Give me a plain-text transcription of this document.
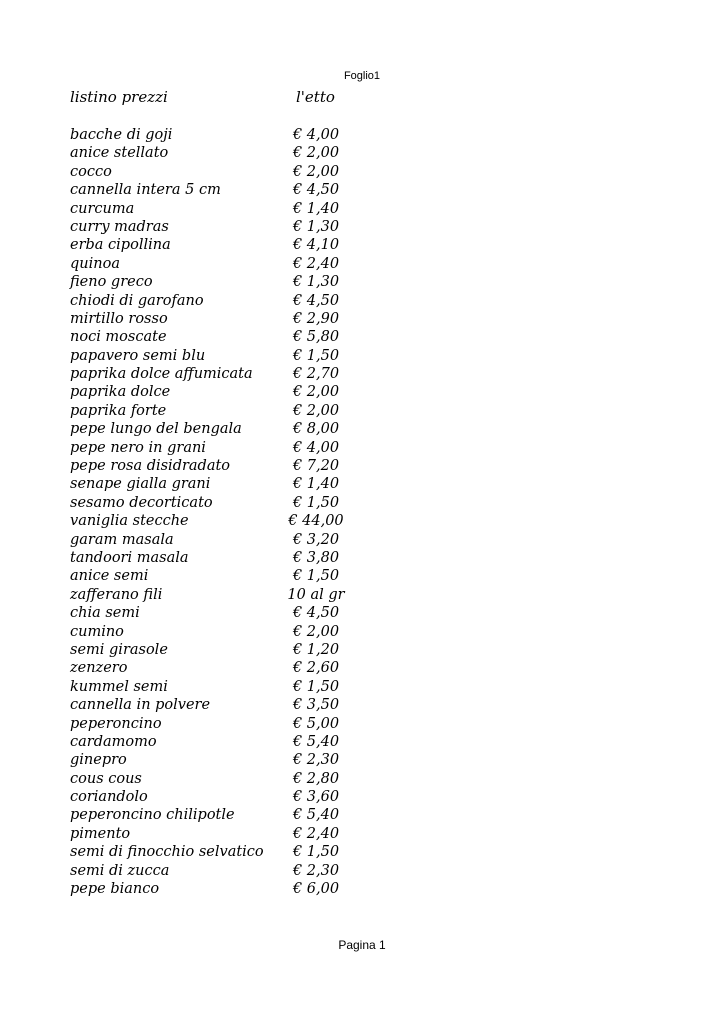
Foglio1
listino prezzi	l'etto
bacche di goji	€ 4,00
anice stellato	€ 2,00
cocco	€ 2,00
cannella intera 5 cm	€ 4,50
curcuma	€ 1,40
curry madras	€ 1,30
erba cipollina	€ 4,10
quinoa	€ 2,40
fieno greco	€ 1,30
chiodi di garofano	€ 4,50
mirtillo rosso	€ 2,90
noci moscate	€ 5,80
papavero semi blu	€ 1,50
paprika dolce affumicata	€ 2,70
paprika dolce	€ 2,00
paprika forte	€ 2,00
pepe lungo del bengala	€ 8,00
pepe nero in grani	€ 4,00
pepe rosa disidradato	€ 7,20
senape gialla grani	€ 1,40
sesamo decorticato	€ 1,50
vaniglia stecche	€ 44,00
garam masala	€ 3,20
tandoori masala	€ 3,80
anice semi	€ 1,50
zafferano fili	10 al gr
chia semi	€ 4,50
cumino	€ 2,00
semi girasole	€ 1,20
zenzero	€ 2,60
kummel semi	€ 1,50
cannella in polvere	€ 3,50
peperoncino	€ 5,00
cardamomo	€ 5,40
ginepro	€ 2,30
cous cous	€ 2,80
coriandolo	€ 3,60
peperoncino chilipotle	€ 5,40
pimento	€ 2,40
semi di finocchio selvatico	€ 1,50
semi di zucca	€ 2,30
pepe bianco	€ 6,00
Pagina 1
